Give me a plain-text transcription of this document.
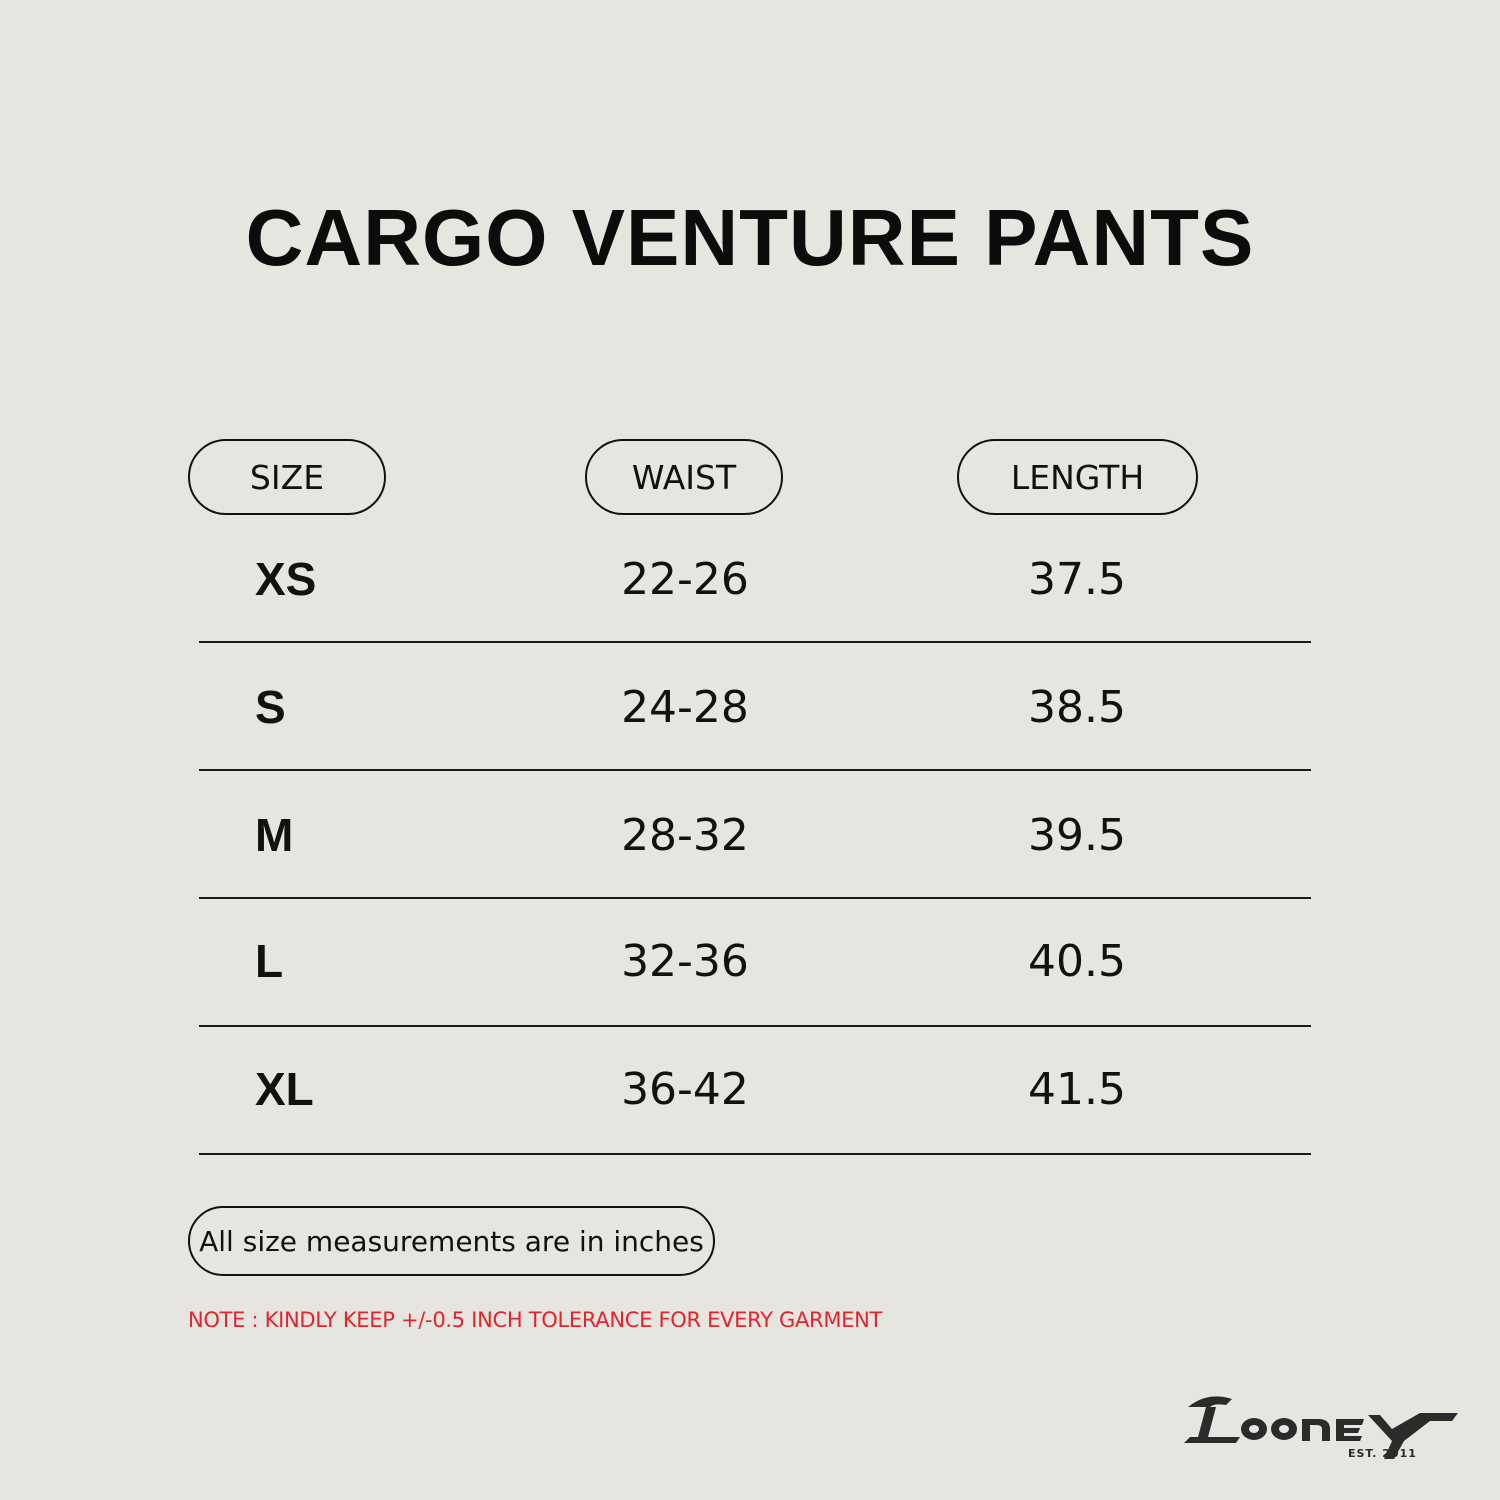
CARGO VENTURE PANTS
SIZE	WAIST	LENGTH
XS	22-26	37.5
S	24-28	38.5
M	28-32	39.5
L	32-36	40.5
XL	36-42	41.5
All size measurements are in inches
NOTE : KINDLY KEEP +/-0.5 INCH TOLERANCE FOR EVERY GARMENT
EST. 2011
